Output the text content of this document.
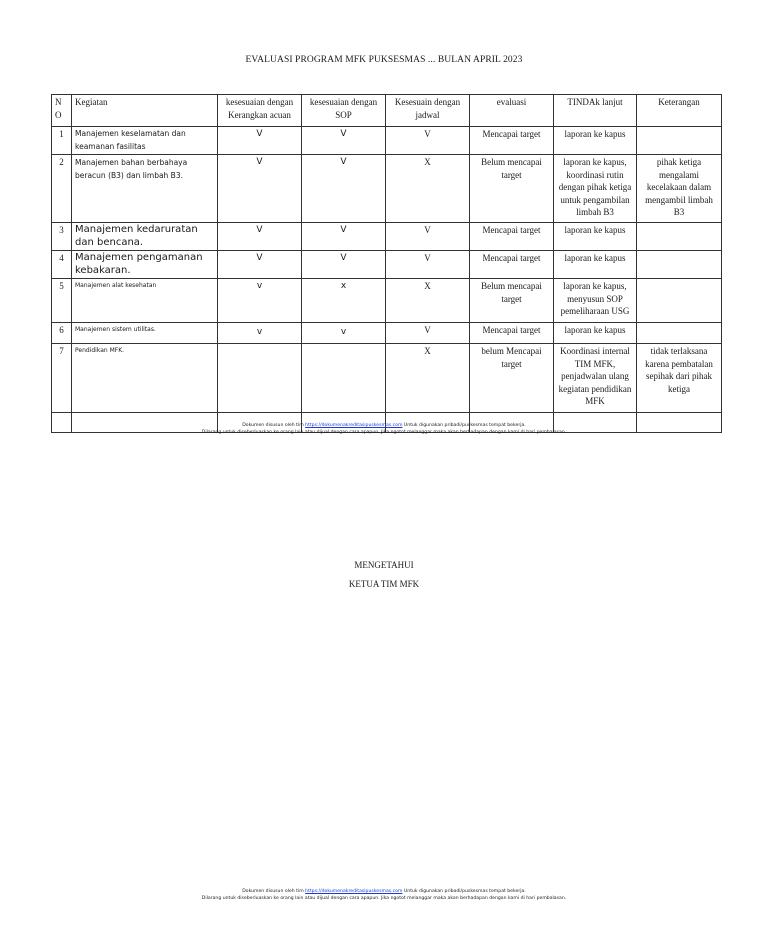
EVALUASI PROGRAM MFK PUKSESMAS ... BULAN APRIL 2023
N O	Kegiatan	kesesuaian dengan Kerangkan acuan	kesesuaian dengan SOP	Kesesuain dengan jadwal	evaluasi	TINDAk lanjut	Keterangan
1	Manajemen keselamatan dan keamanan fasilitas	V	V	V	Mencapai target	laporan ke kapus	
2	Manajemen bahan berbahaya beracun (B3) dan limbah B3.	V	V	X	Belum mencapai target	laporan ke kapus, koordinasi rutin dengan pihak ketiga untuk pengambilan limbah B3	pihak ketiga mengalami kecelakaan dalam mengambil limbah B3
3	Manajemen kedaruratan dan bencana.	V	V	V	Mencapai target	laporan ke kapus	
4	Manajemen pengamanan kebakaran.	V	V	V	Mencapai target	laporan ke kapus	
5	Manajemen alat kesehatan	v	x	X	Belum mencapai target	laporan ke kapus, menyusun SOP pemeliharaan USG	
6	Manajemen sistem utilitas.	v	v	V	Mencapai target	laporan ke kapus	
7	Pendidikan MFK.			X	belum Mencapai target	Koordinasi internal TIM MFK, penjadwalan ulang kegiatan pendidikan MFK	tidak terlaksana karena pembatalan sepihak dari pihak ketiga

Dokumen disusun oleh tim https://dokumenakreditasipuskesmas.com Untuk digunakan pribadi/puskesmas tempat bekerja.
Dilarang untuk diseberluaskan ke orang lain atau dijual dengan cara apapun. Jika ngotot melanggar maka akan berhadapan dengan kami di hari pembalasan.
MENGETAHUI
KETUA TIM MFK
Dokumen disusun oleh tim https://dokumenakreditasipuskesmas.com Untuk digunakan pribadi/puskesmas tempat bekerja.
Dilarang untuk diseberluaskan ke orang lain atau dijual dengan cara apapun. Jika ngotot melanggar maka akan berhadapan dengan kami di hari pembalasan.
